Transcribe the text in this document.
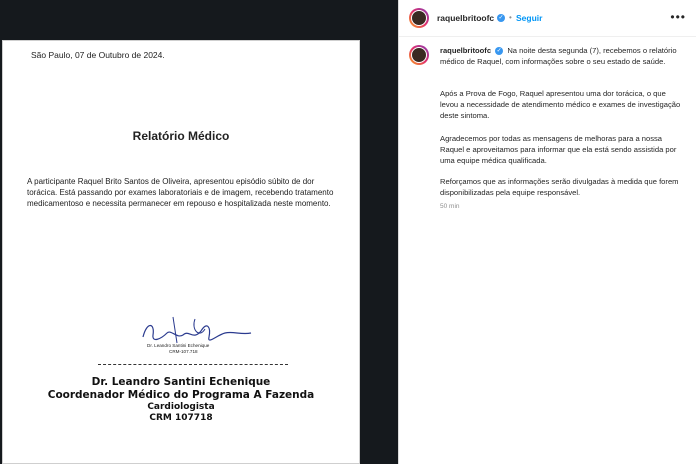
São Paulo, 07 de Outubro de 2024.
Relatório Médico
A participante Raquel Brito Santos de Oliveira, apresentou episódio súbito de dor torácica. Está passando por exames laboratoriais e de imagem, recebendo tratamento medicamentoso e necessita permanecer em repouso e hospitalizada neste momento.
Dr. Leandro Santini Echenique
CRM-107.718
Dr. Leandro Santini Echenique
Coordenador Médico do Programa A Fazenda
Cardiologista
CRM 107718
raquelbritoofc ✓ • Seguir	•••
raquelbritoofc ✓ Na noite desta segunda (7), recebemos o relatório médico de Raquel, com informações sobre o seu estado de saúde.
Após a Prova de Fogo, Raquel apresentou uma dor torácica, o que levou a necessidade de atendimento médico e exames de investigação deste sintoma.
Agradecemos por todas as mensagens de melhoras para a nossa Raquel e aproveitamos para informar que ela está sendo assistida por uma equipe médica qualificada.
Reforçamos que as informações serão divulgadas à medida que forem disponibilizadas pela equipe responsável.
50 min
